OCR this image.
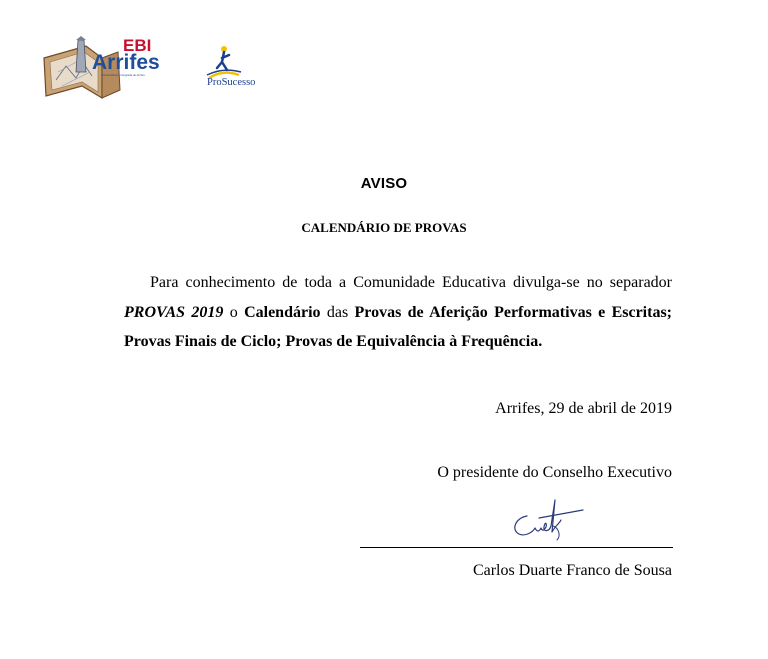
EBI
Arrifes
Escola Básica Integrada de Arrifes
ProSucesso
AVISO
CALENDÁRIO DE PROVAS

Para conhecimento de toda a Comunidade Educativa divulga-se no separador PROVAS 2019 o Calendário das Provas de Aferição Performativas e Escritas; Provas Finais de Ciclo; Provas de Equivalência à Frequência.

Arrifes, 29 de abril de 2019
O presidente do Conselho Executivo
Carlos Duarte Franco de Sousa
